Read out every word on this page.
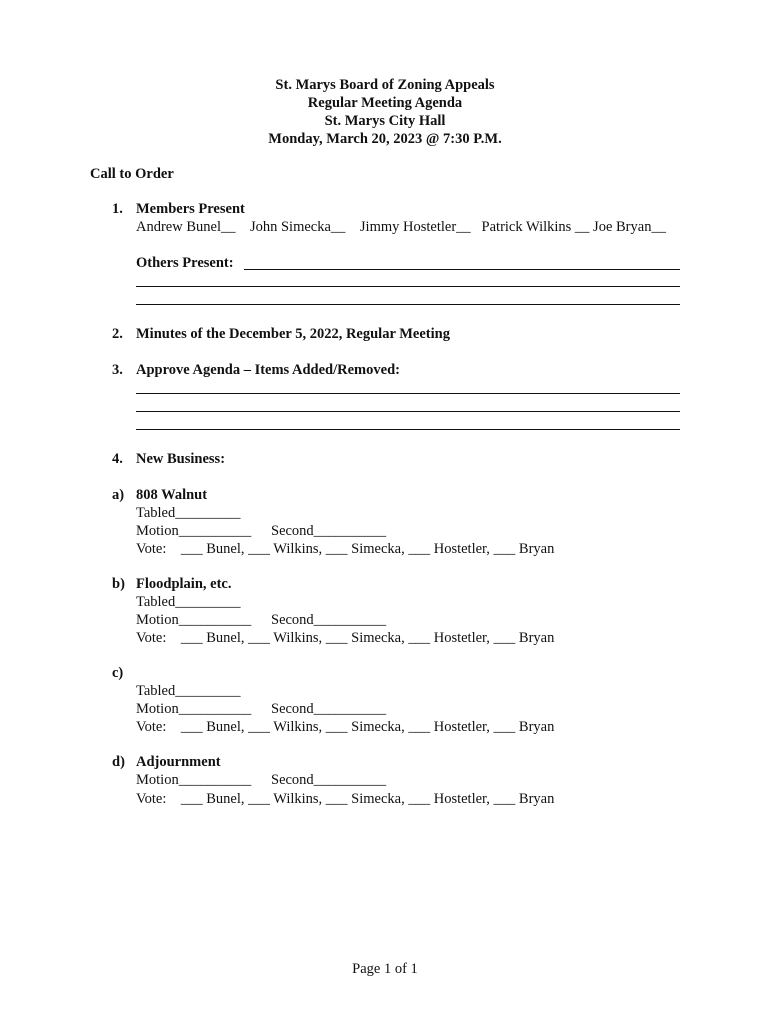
St. Marys Board of Zoning Appeals
Regular Meeting Agenda
St. Marys City Hall
Monday, March 20, 2023 @ 7:30 P.M.
Call to Order
1. Members Present
Andrew Bunel__    John Simecka__    Jimmy Hostetler__   Patrick Wilkins __ Joe Bryan__
Others Present:
2. Minutes of the December 5, 2022, Regular Meeting
3. Approve Agenda – Items Added/Removed:
4. New Business:
a) 808 Walnut
Tabled_________
Motion__________ Second__________
Vote:    ___ Bunel, ___ Wilkins, ___ Simecka, ___ Hostetler, ___ Bryan
b) Floodplain, etc.
Tabled_________
Motion__________ Second__________
Vote:    ___ Bunel, ___ Wilkins, ___ Simecka, ___ Hostetler, ___ Bryan
c)
Tabled_________
Motion__________ Second__________
Vote:    ___ Bunel, ___ Wilkins, ___ Simecka, ___ Hostetler, ___ Bryan
d) Adjournment
Motion__________ Second__________
Vote:    ___ Bunel, ___ Wilkins, ___ Simecka, ___ Hostetler, ___ Bryan
Page 1 of 1
